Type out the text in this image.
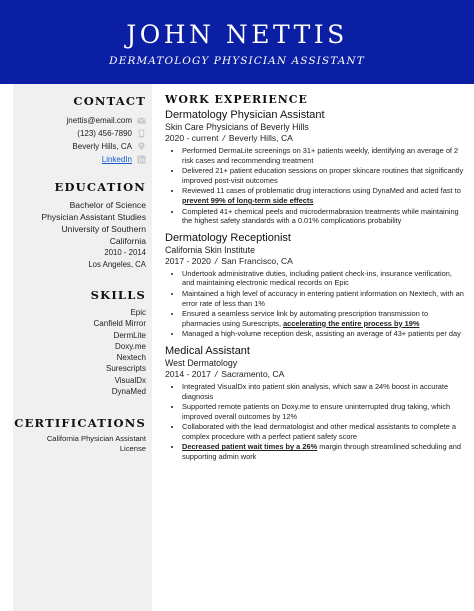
JOHN NETTIS
DERMATOLOGY PHYSICIAN ASSISTANT
CONTACT
jnettis@email.com
(123) 456-7890
Beverly Hills, CA
LinkedIn
EDUCATION
Bachelor of Science
Physician Assistant Studies
University of Southern
California
2010 - 2014
Los Angeles, CA
SKILLS
Epic
Canfield Mirror
DermLite
Doxy.me
Nextech
Surescripts
VisualDx
DynaMed
CERTIFICATIONS
California Physician Assistant
License
WORK EXPERIENCE
Dermatology Physician Assistant
Skin Care Physicians of Beverly Hills
2020 - current / Beverly Hills, CA
• Performed DermaLite screenings on 31+ patients weekly, identifying an average of 2 risk cases and recommending treatment
• Delivered 21+ patient education sessions on proper skincare routines that significantly improved post-visit outcomes
• Reviewed 11 cases of problematic drug interactions using DynaMed and acted fast to prevent 99% of long-term side effects
• Completed 41+ chemical peels and microdermabrasion treatments while maintaining the highest safety standards with a 0.01% complications probability
Dermatology Receptionist
California Skin Institute
2017 - 2020 / San Francisco, CA
• Undertook administrative duties, including patient check-ins, insurance verification, and maintaining electronic medical records on Epic
• Maintained a high level of accuracy in entering patient information on Nextech, with an error rate of less than 1%
• Ensured a seamless service link by automating prescription transmission to pharmacies using Surescripts, accelerating the entire process by 19%
• Managed a high-volume reception desk, assisting an average of 43+ patients per day
Medical Assistant
West Dermatology
2014 - 2017 / Sacramento, CA
• Integrated VisualDx into patient skin analysis, which saw a 24% boost in accurate diagnosis
• Supported remote patients on Doxy.me to ensure uninterrupted drug taking, which improved overall outcomes by 12%
• Collaborated with the lead dermatologist and other medical assistants to complete a complex procedure with a perfect patient safety score
• Decreased patient wait times by a 26% margin through streamlined scheduling and supporting admin work
